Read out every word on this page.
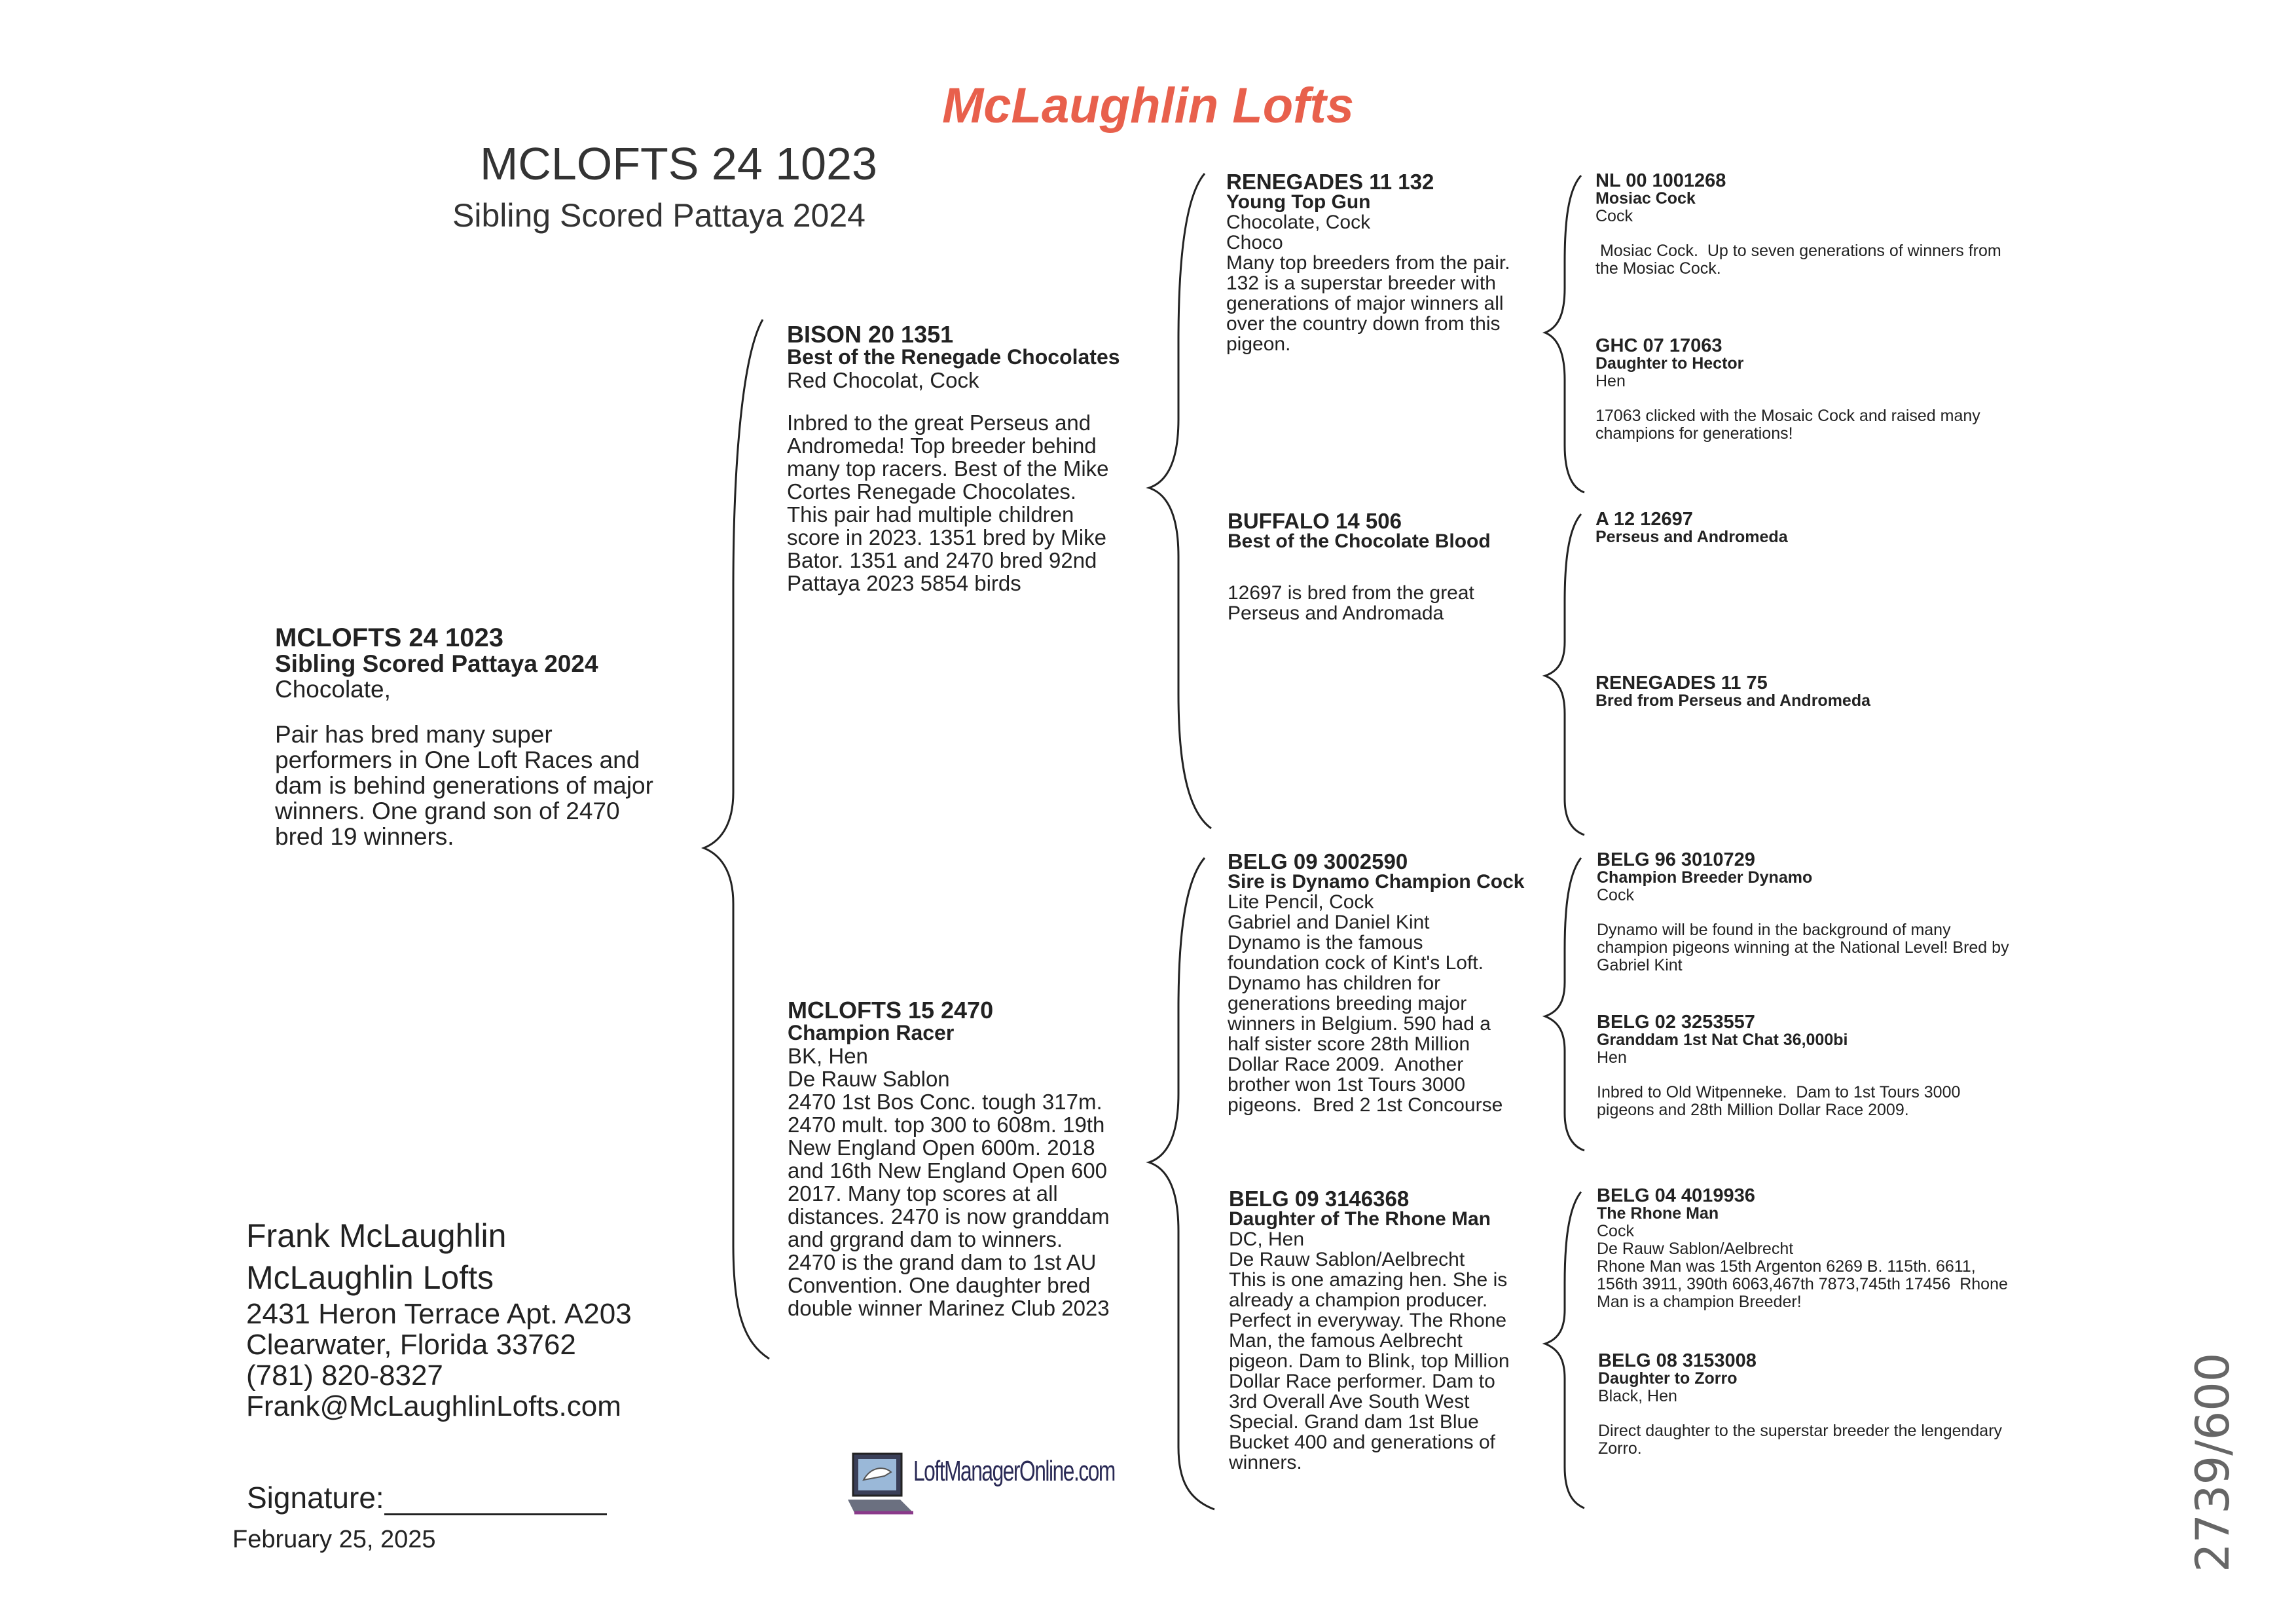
McLaughlin Lofts
MCLOFTS 24 1023
Sibling Scored Pattaya 2024
MCLOFTS 24 1023
Sibling Scored Pattaya 2024
Chocolate,
Pair has bred many super
performers in One Loft Races and
dam is behind generations of major
winners. One grand son of 2470
bred 19 winners.
BISON 20 1351
Best of the Renegade Chocolates
Red Chocolat, Cock
Inbred to the great Perseus and
Andromeda! Top breeder behind
many top racers. Best of the Mike
Cortes Renegade Chocolates.
This pair had multiple children
score in 2023. 1351 bred by Mike
Bator. 1351 and 2470 bred 92nd
Pattaya 2023 5854 birds
MCLOFTS 15 2470
Champion Racer
BK, Hen
De Rauw Sablon
2470 1st Bos Conc. tough 317m.
2470 mult. top 300 to 608m. 19th
New England Open 600m. 2018
and 16th New England Open 600
2017. Many top scores at all
distances. 2470 is now granddam
and grgrand dam to winners.
2470 is the grand dam to 1st AU
Convention. One daughter bred
double winner Marinez Club 2023
RENEGADES 11 132
Young Top Gun
Chocolate, Cock
Choco
Many top breeders from the pair.
132 is a superstar breeder with
generations of major winners all
over the country down from this
pigeon.
BUFFALO 14 506
Best of the Chocolate Blood
12697 is bred from the great
Perseus and Andromada
BELG 09 3002590
Sire is Dynamo Champion Cock
Lite Pencil, Cock
Gabriel and Daniel Kint
Dynamo is the famous
foundation cock of Kint's Loft.
Dynamo has children for
generations breeding major
winners in Belgium. 590 had a
half sister score 28th Million
Dollar Race 2009.  Another
brother won 1st Tours 3000
pigeons.  Bred 2 1st Concourse
BELG 09 3146368
Daughter of The Rhone Man
DC, Hen
De Rauw Sablon/Aelbrecht
This is one amazing hen. She is
already a champion producer.
Perfect in everyway. The Rhone
Man, the famous Aelbrecht
pigeon. Dam to Blink, top Million
Dollar Race performer. Dam to
3rd Overall Ave South West
Special. Grand dam 1st Blue
Bucket 400 and generations of
winners.
NL 00 1001268
Mosiac Cock
Cock
Mosiac Cock.  Up to seven generations of winners from
the Mosiac Cock.
GHC 07 17063
Daughter to Hector
Hen
17063 clicked with the Mosaic Cock and raised many
champions for generations!
A 12 12697
Perseus and Andromeda
RENEGADES 11 75
Bred from Perseus and Andromeda
BELG 96 3010729
Champion Breeder Dynamo
Cock
Dynamo will be found in the background of many
champion pigeons winning at the National Level! Bred by
Gabriel Kint
BELG 02 3253557
Granddam 1st Nat Chat 36,000bi
Hen
Inbred to Old Witpenneke.  Dam to 1st Tours 3000
pigeons and 28th Million Dollar Race 2009.
BELG 04 4019936
The Rhone Man
Cock
De Rauw Sablon/Aelbrecht
Rhone Man was 15th Argenton 6269 B. 115th. 6611,
156th 3911, 390th 6063,467th 7873,745th 17456  Rhone
Man is a champion Breeder!
BELG 08 3153008
Daughter to Zorro
Black, Hen
Direct daughter to the superstar breeder the lengendary
Zorro.
Frank McLaughlin
McLaughlin Lofts
2431 Heron Terrace Apt. A203
Clearwater, Florida 33762
(781) 820-8327
Frank@McLaughlinLofts.com
Signature:
February 25, 2025
LoftManagerOnline.com	2739/600
